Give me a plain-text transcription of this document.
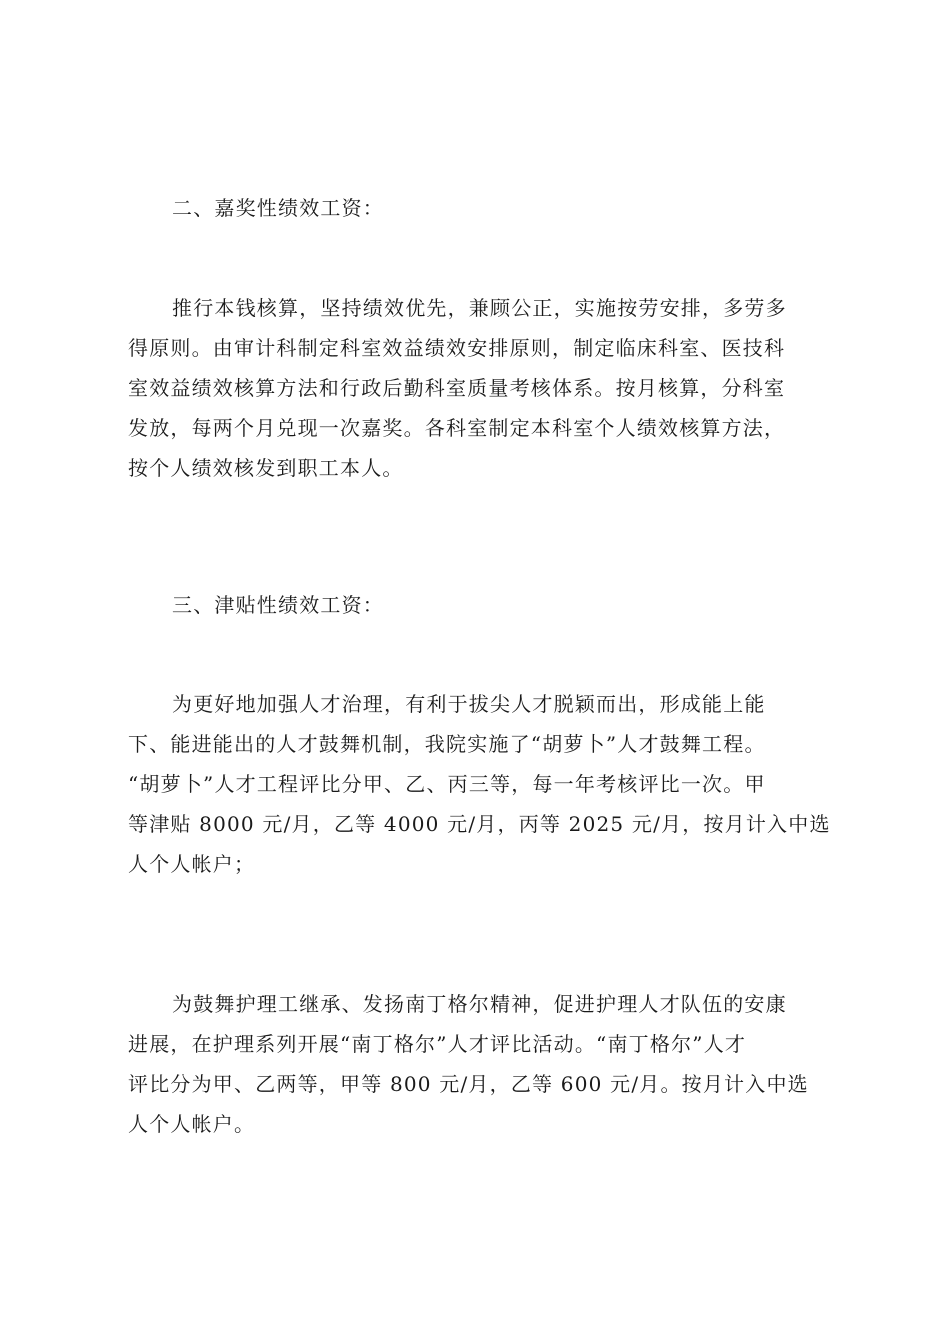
二、嘉奖性绩效工资：

推行本钱核算，坚持绩效优先，兼顾公正，实施按劳安排，多劳多
得原则。由审计科制定科室效益绩效安排原则，制定临床科室、医技科
室效益绩效核算方法和行政后勤科室质量考核体系。按月核算，分科室
发放，每两个月兑现一次嘉奖。各科室制定本科室个人绩效核算方法，
按个人绩效核发到职工本人。

三、津贴性绩效工资：

为更好地加强人才治理，有利于拔尖人才脱颖而出，形成能上能
下、能进能出的人才鼓舞机制，我院实施了“胡萝卜”人才鼓舞工程。
“胡萝卜”人才工程评比分甲、乙、丙三等，每一年考核评比一次。甲
等津贴 8000 元/月，乙等 4000 元/月，丙等 2025 元/月，按月计入中选
人个人帐户；
为鼓舞护理工继承、发扬南丁格尔精神，促进护理人才队伍的安康
进展，在护理系列开展“南丁格尔”人才评比活动。“南丁格尔”人才
评比分为甲、乙两等，甲等 800 元/月，乙等 600 元/月。按月计入中选
人个人帐户。
